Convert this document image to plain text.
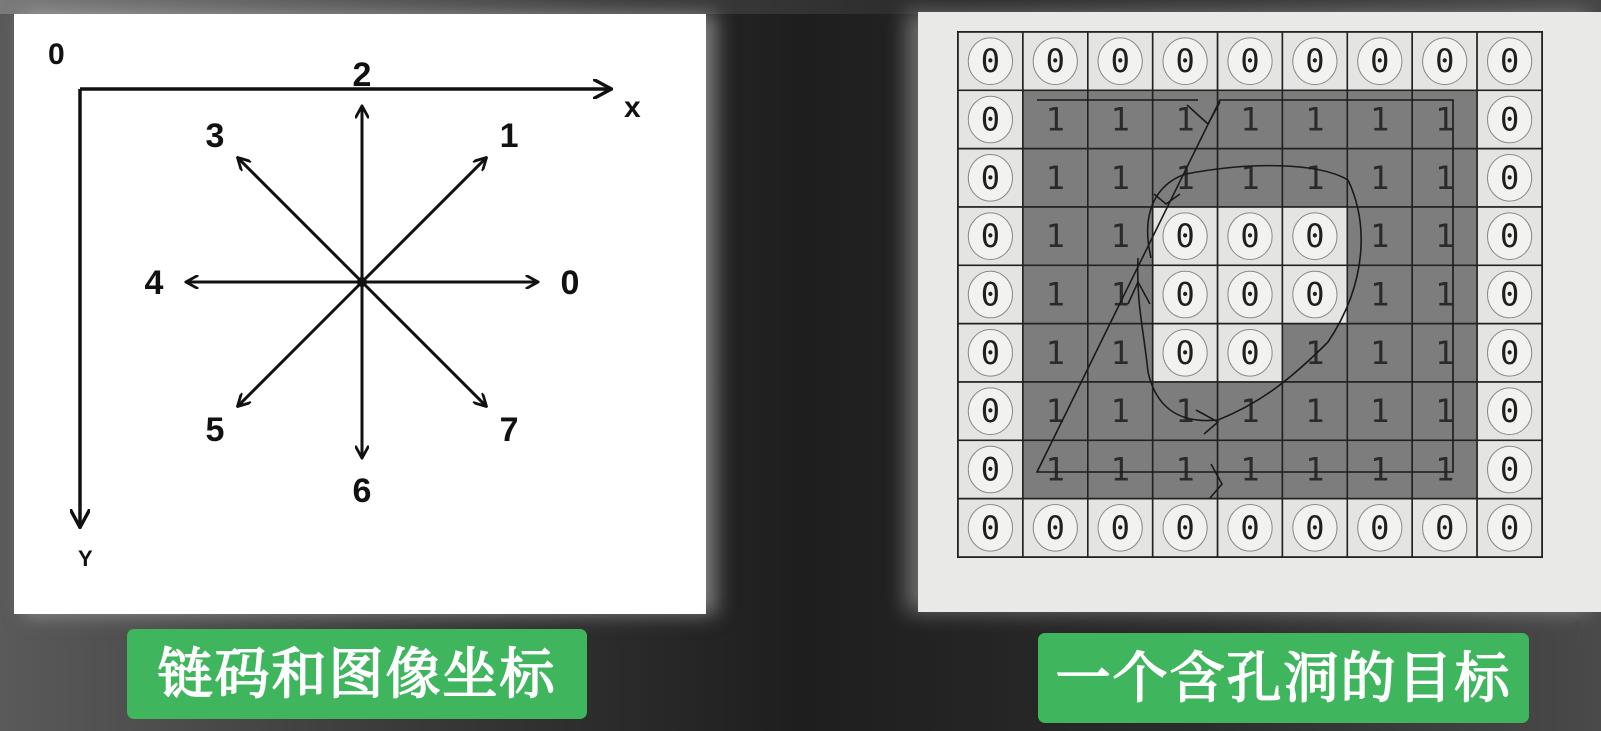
0
x
Y
0
1
2
3
4
5
6
7
0 0 0 0 0 0 0 0 0
0 1 1 1 1 1 1 1 0
0 1 1 1 1 1 1 1 0
0 1 1 0 0 0 1 1 0
0 1 1 0 0 0 1 1 0
0 1 1 0 0 1 1 1 0
0 1 1 1 1 1 1 1 0
0 1 1 1 1 1 1 1 0
0 0 0 0 0 0 0 0 0
链码和图像坐标	一个含孔洞的目标
1
